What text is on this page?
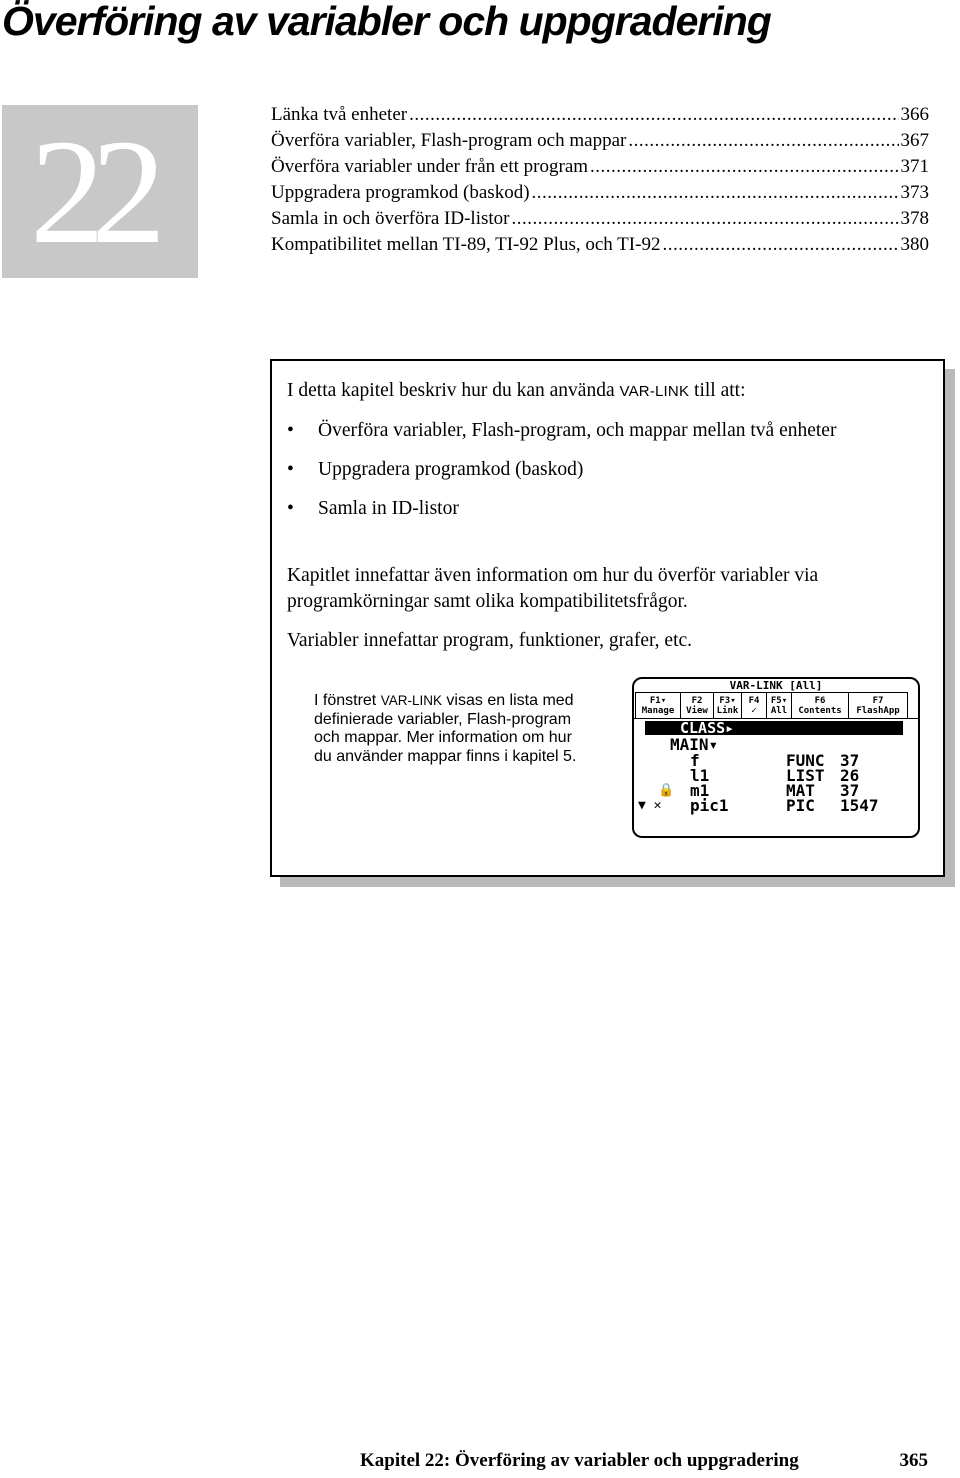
Överföring av variabler och uppgradering
22	Länka två enheter .....	366
Överföra variabler, Flash-program och mappar .....	367
Överföra variabler under från ett program .....	371
Uppgradera programkod (baskod) .....	373
Samla in och överföra ID-listor .....	378
Kompatibilitet mellan TI-89, TI-92 Plus, och TI-92 .....	380

I detta kapitel beskriv hur du kan använda VAR-LINK till att:

• Överföra variabler, Flash-program, och mappar mellan två enheter
• Uppgradera programkod (baskod)
• Samla in ID-listor

Kapitlet innefattar även information om hur du överför variabler via programkörningar samt olika kompatibilitetsfrågor.

Variabler innefattar program, funktioner, grafer, etc.

I fönstret VAR-LINK visas en lista med definierade variabler, Flash-program och mappar. Mer information om hur du använder mappar finns i kapitel 5.

VAR-LINK [All]
F1▾
Manage
F2
View
F3▾
Link
F4
✓
F5▾
All
F6
Contents
F7
FlashApp
CLASS▸
MAIN▾
f	FUNC 37
l1	LIST 26
🔒 m1	MAT 37
▼ ✕ pic1	PIC 1547
Kapitel 22: Överföring av variabler och uppgradering	365
